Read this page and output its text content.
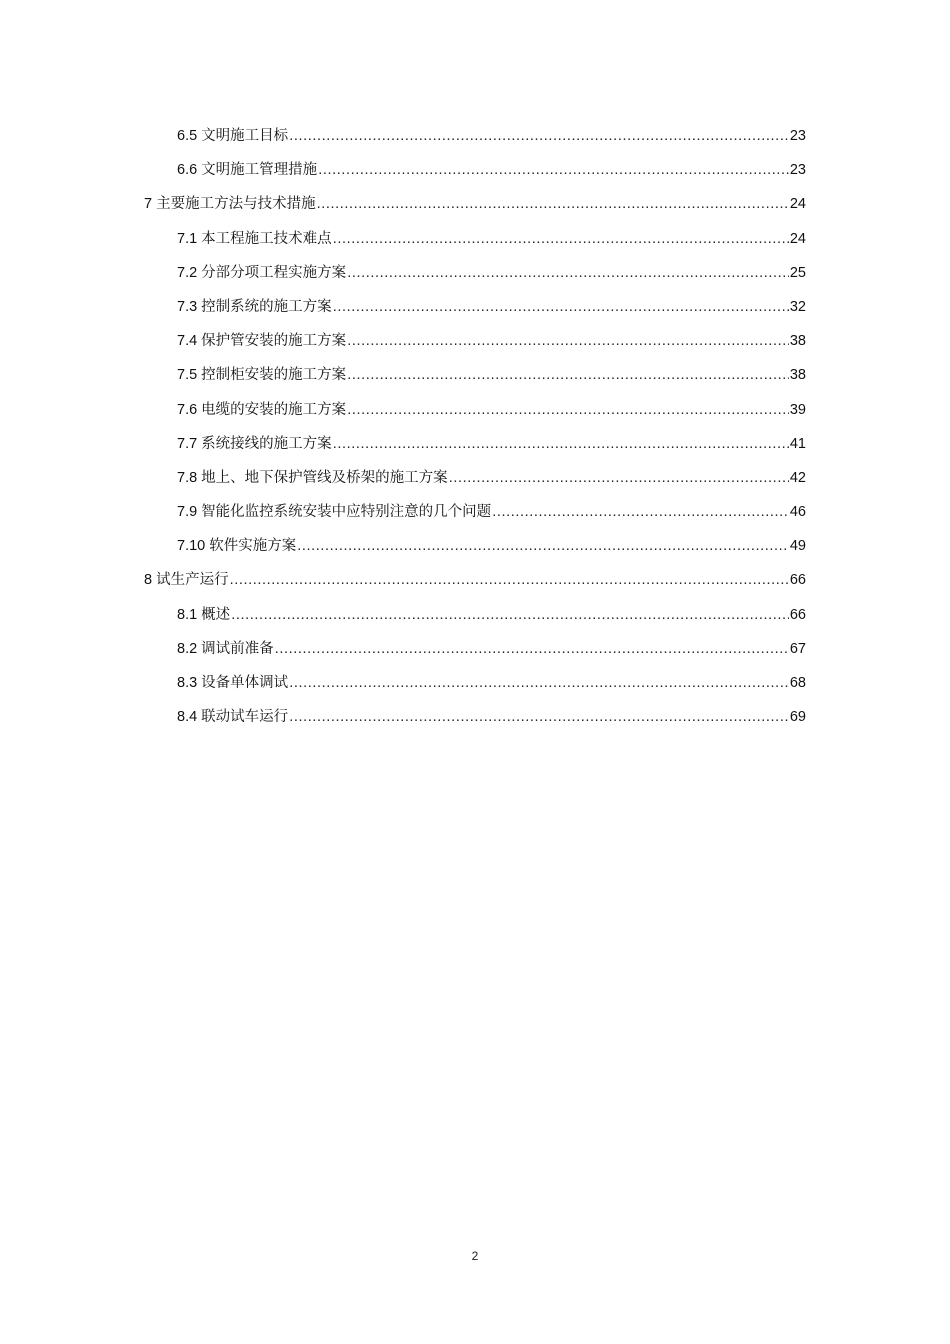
6.5 文明施工目标 .....	23
6.6 文明施工管理措施 .....	23
7 主要施工方法与技术措施 .....	24
7.1 本工程施工技术难点 .....	24
7.2 分部分项工程实施方案 .....	25
7.3 控制系统的施工方案 .....	32
7.4 保护管安装的施工方案 .....	38
7.5 控制柜安装的施工方案 .....	38
7.6 电缆的安装的施工方案 .....	39
7.7 系统接线的施工方案 .....	41
7.8 地上、地下保护管线及桥架的施工方案 .....	42
7.9 智能化监控系统安装中应特别注意的几个问题 .....	46
7.10 软件实施方案 .....	49
8 试生产运行 .....	66
8.1 概述 .....	66
8.2 调试前准备 .....	67
8.3 设备单体调试 .....	68
8.4 联动试车运行 .....	69
2
